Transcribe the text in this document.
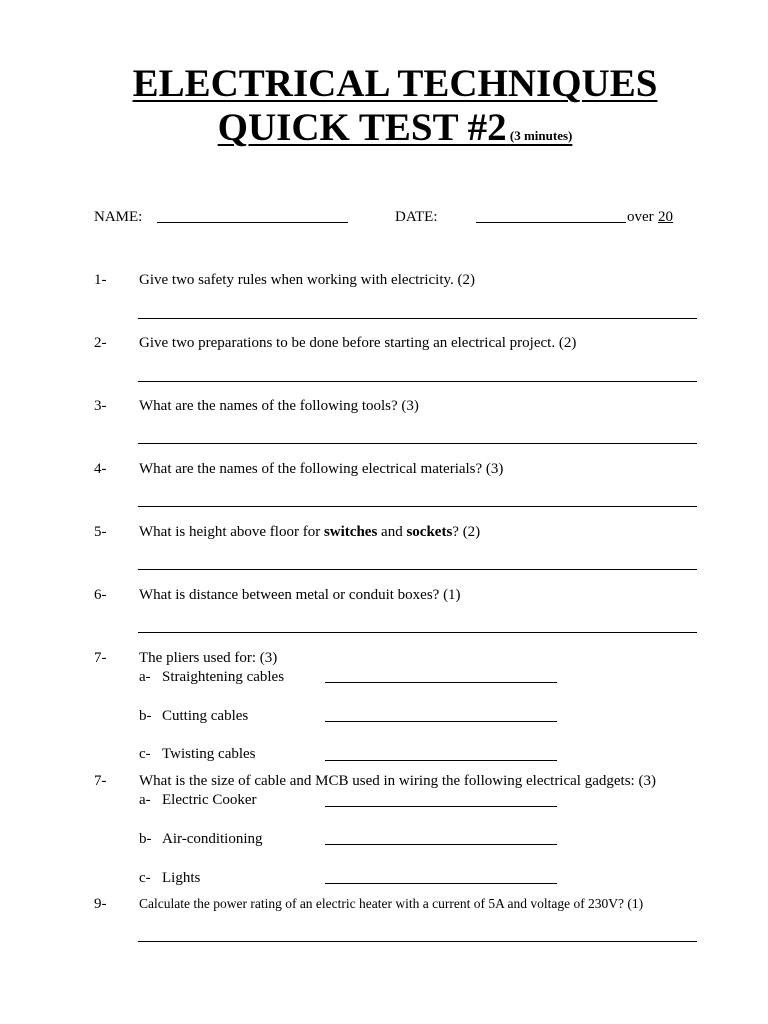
ELECTRICAL TECHNIQUES
QUICK TEST #2 (3 minutes)
NAME:	DATE:	over 20
1- Give two safety rules when working with electricity. (2)
2- Give two preparations to be done before starting an electrical project. (2)
3- What are the names of the following tools? (3)
4- What are the names of the following electrical materials? (3)
5- What is height above floor for switches and sockets? (2)
6- What is distance between metal or conduit boxes? (1)
7- The pliers used for: (3)
a- Straightening cables
b- Cutting cables
c- Twisting cables
7- What is the size of cable and MCB used in wiring the following electrical gadgets: (3)
a- Electric Cooker
b- Air-conditioning
c- Lights
9- Calculate the power rating of an electric heater with a current of 5A and voltage of 230V? (1)
